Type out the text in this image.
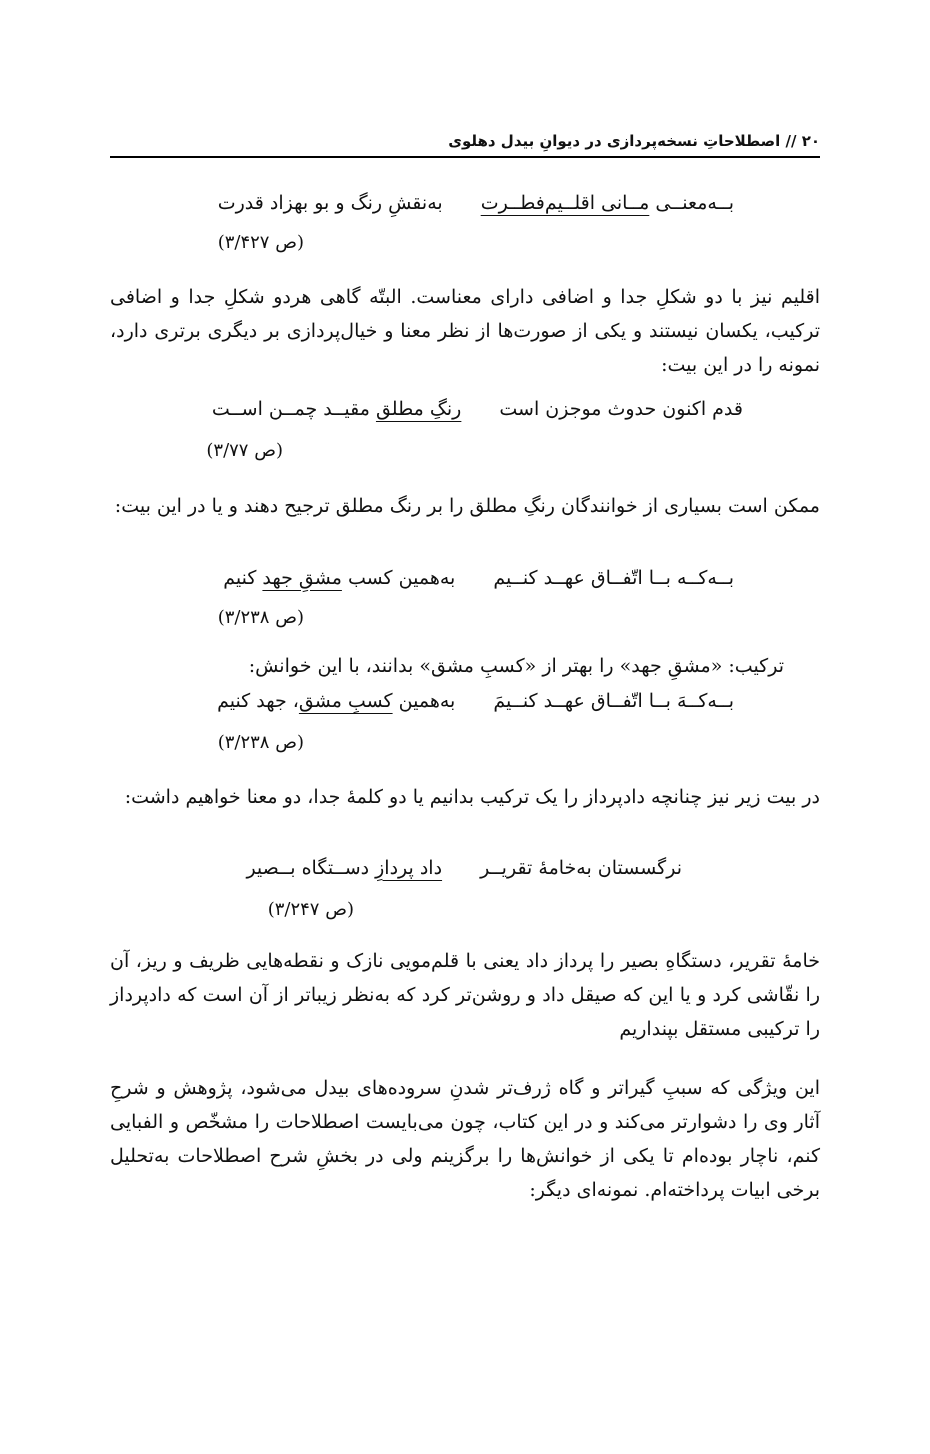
۲۰ // اصطلاحاتِ نسخه‌پردازی در دیوانِ بیدل دهلوی
بــه‌معنــی مــانی اقلــیم‌فطــرت
به‌نقشِ رنگ و بو بهزاد قدرت
(ص ۳/۴۲۷)
اقلیم نیز با دو شکلِ جدا و اضافی دارای معناست. البتّه گاهی هردو شکلِ جدا و اضافی ترکیب، یکسان نیستند و یکی از صورت‌ها از نظر معنا و خیال‌پردازی بر دیگری برتری دارد، نمونه را در این بیت:
قدم اکنون حدوث موجزن است
رنگِ مطلق مقیــد چمــن اســت
(ص ۳/۷۷)
ممکن است بسیاری از خوانندگان رنگِ مطلق را بر رنگ مطلق ترجیح دهند و یا در این بیت:
بــه‌کــه بــا اتّفــاق عهــد کنــیم
به‌همین کسب مشقِ جهد کنیم
(ص ۳/۲۳۸)
ترکیب: «مشقِ جهد» را بهتر از «کسبِ مشق» بدانند، با این خوانش:
بــه‌کــهَ بــا اتّفــاق عهــد کنــیمَ
به‌همین کسبِ مشق، جهد کنیم
(ص ۳/۲۳۸)
در بیت زیر نیز چنانچه دادپرداز را یک ترکیب بدانیم یا دو کلمهٔ جدا، دو معنا خواهیم داشت:
نرگسستان به‌خامهٔ تقریــر
داد پردازِ دســتگاه بــصیر
(ص ۳/۲۴۷)
خامهٔ تقریر، دستگاهِ بصیر را پرداز داد یعنی با قلم‌مویی نازک و نقطه‌هایی ظریف و ریز، آن را نقّاشی کرد و یا این که صیقل داد و روشن‌تر کرد که به‌نظر زیباتر از آن است که دادپرداز را ترکیبی مستقل بپنداریم
این ویژگی که سببِ گیراتر و گاه ژرف‌تر شدنِ سروده‌های بیدل می‌شود، پژوهش و شرحِ آثار وی را دشوارتر می‌کند و در این کتاب، چون می‌بایست اصطلاحات را مشخّص و الفبایی کنم، ناچار بوده‌ام تا یکی از خوانش‌ها را برگزینم ولی در بخشِ شرح اصطلاحات به‌تحلیل برخی ابیات پرداخته‌ام. نمونه‌ای دیگر:
